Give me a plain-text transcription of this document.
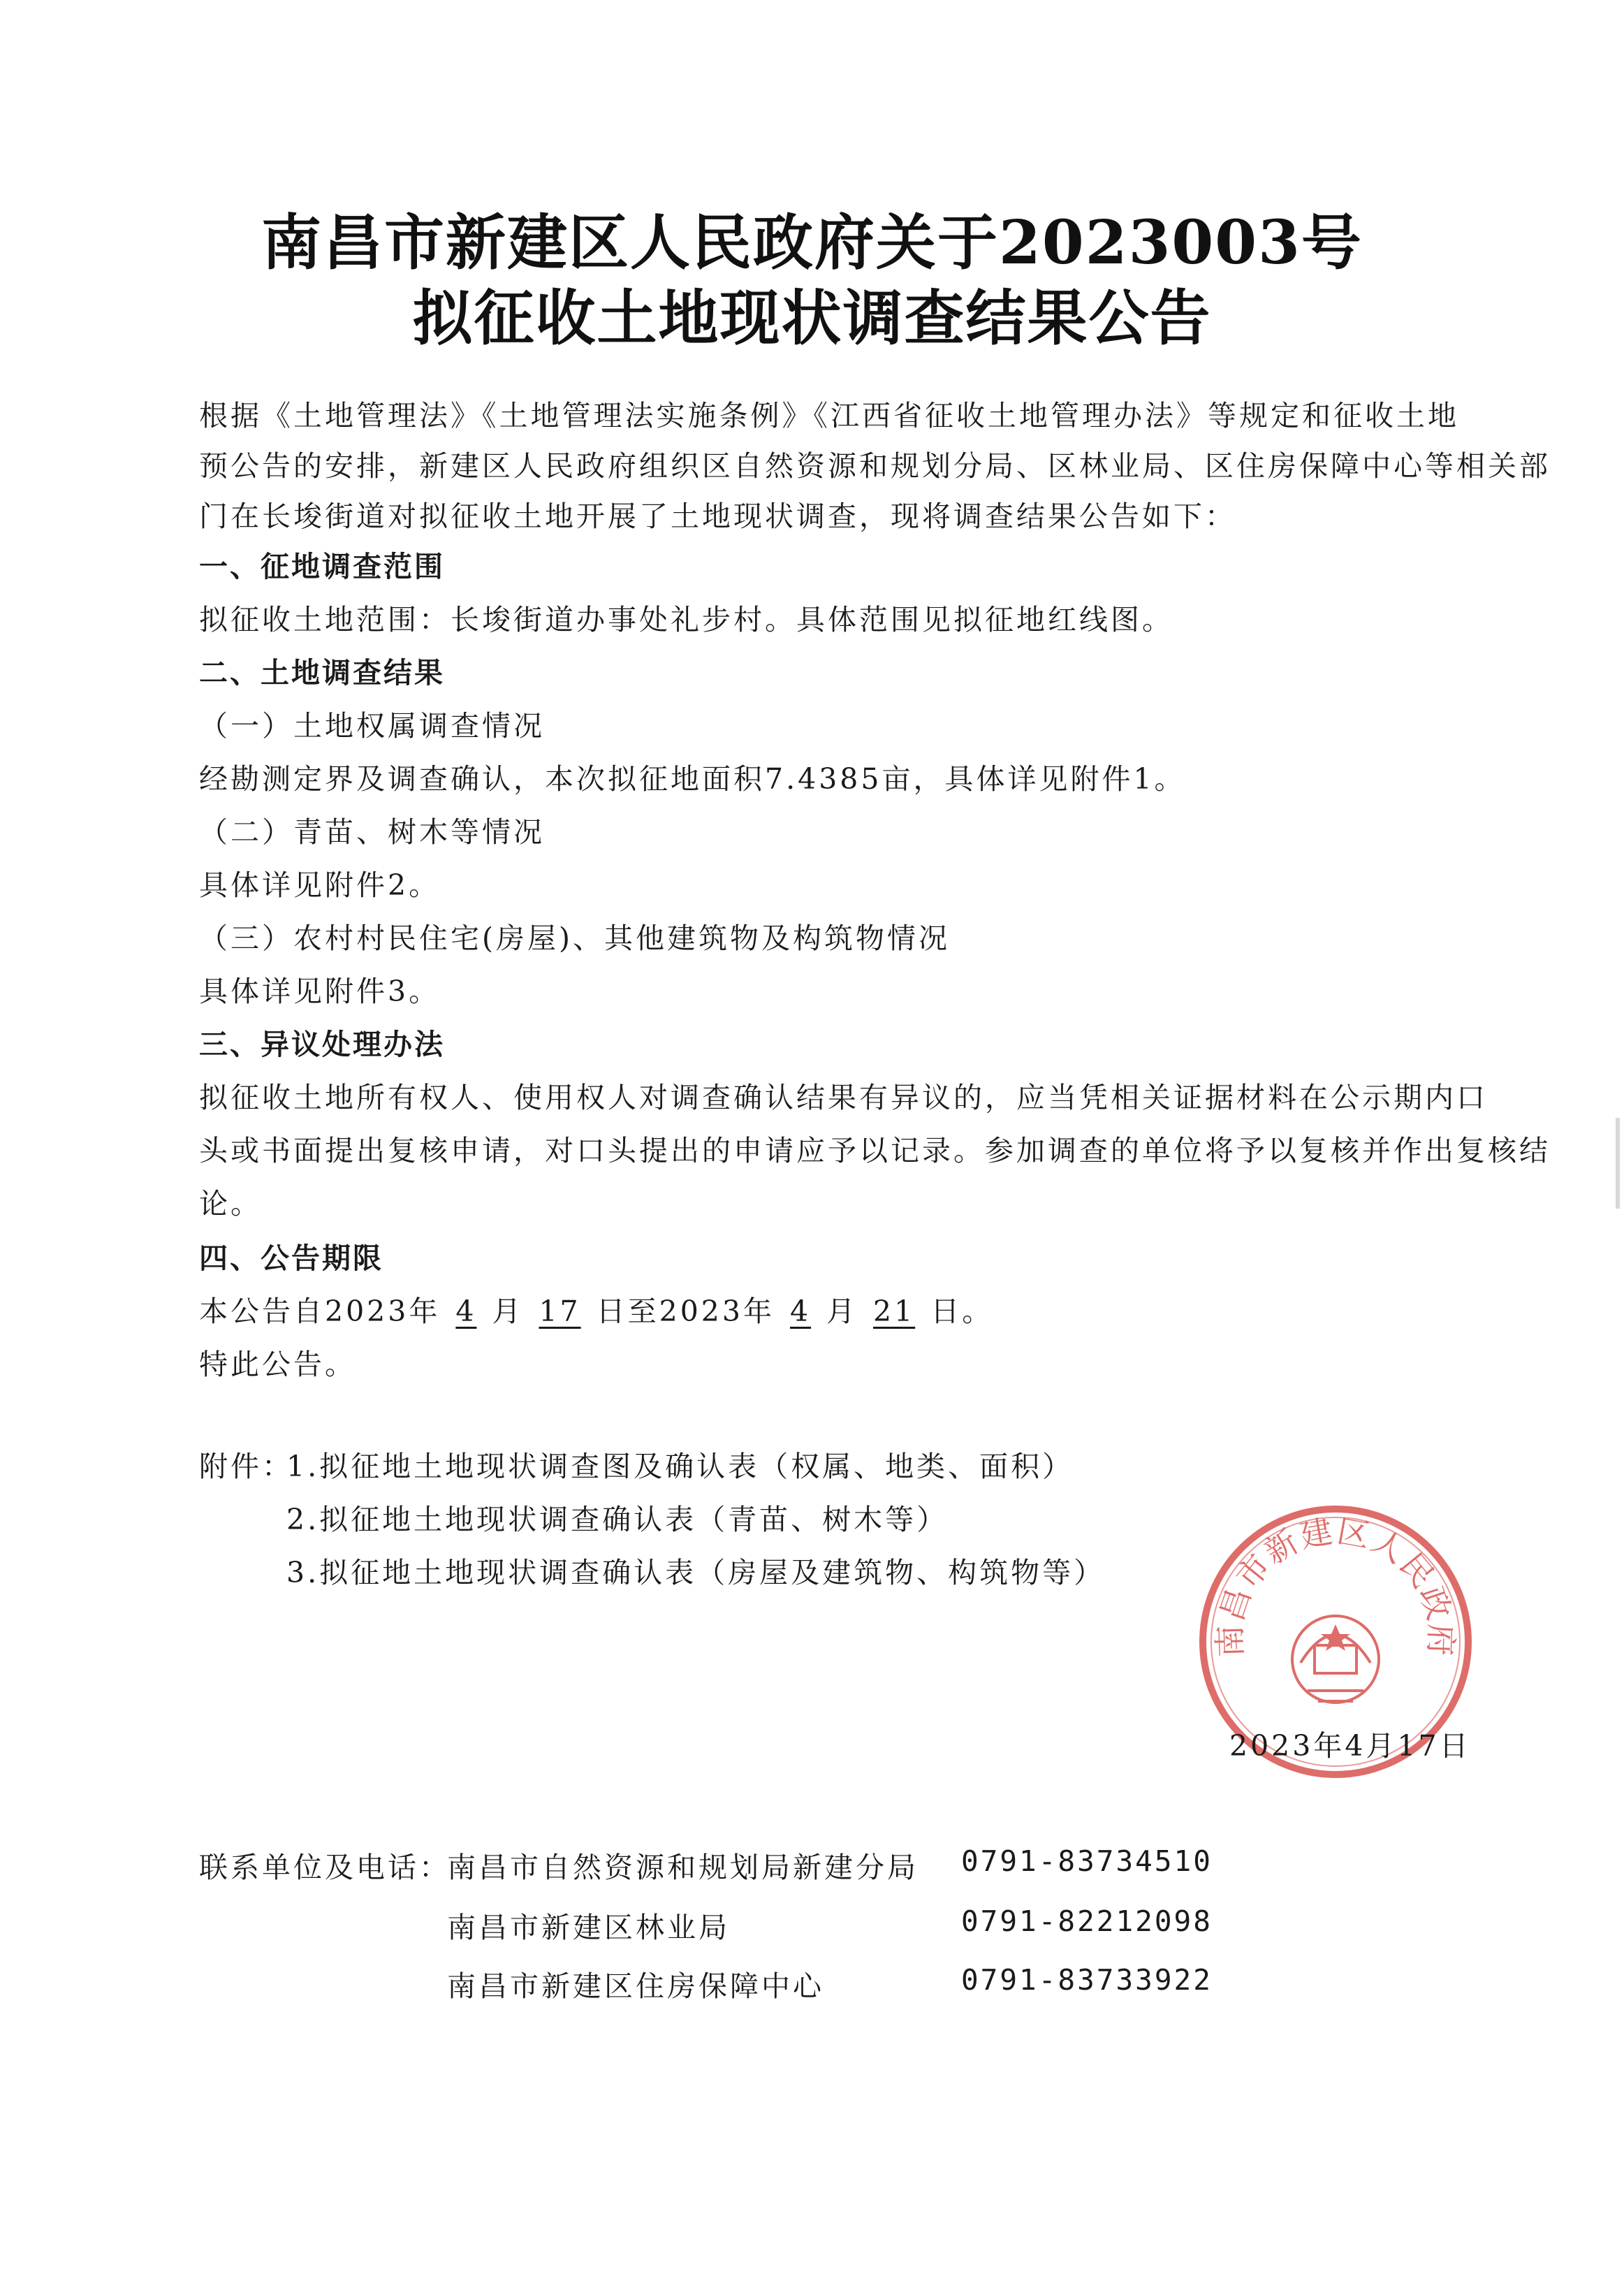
南昌市新建区人民政府关于2023003号
拟征收土地现状调查结果公告
根据《土地管理法》《土地管理法实施条例》《江西省征收土地管理办法》等规定和征收土地
预公告的安排，新建区人民政府组织区自然资源和规划分局、区林业局、区住房保障中心等相关部
门在长埈街道对拟征收土地开展了土地现状调查，现将调查结果公告如下：
一、征地调查范围
拟征收土地范围：长埈街道办事处礼步村。具体范围见拟征地红线图。
二、土地调查结果
（一）土地权属调查情况
经勘测定界及调查确认，本次拟征地面积7.4385亩，具体详见附件1。
（二）青苗、树木等情况
具体详见附件2。
（三）农村村民住宅(房屋)、其他建筑物及构筑物情况
具体详见附件3。
三、异议处理办法
拟征收土地所有权人、使用权人对调查确认结果有异议的，应当凭相关证据材料在公示期内口
头或书面提出复核申请，对口头提出的申请应予以记录。参加调查的单位将予以复核并作出复核结
论。
四、公告期限
本公告自2023年 4 月 17 日至2023年 4 月 21 日。
特此公告。
附件：
1.拟征地土地现状调查图及确认表（权属、地类、面积）
2.拟征地土地现状调查确认表（青苗、树木等）
3.拟征地土地现状调查确认表（房屋及建筑物、构筑物等）
南昌市新建区人民政府
2023年4月17日
联系单位及电话：
南昌市自然资源和规划局新建分局 0791-83734510
南昌市新建区林业局	0791-82212098
南昌市新建区住房保障中心	0791-83733922
